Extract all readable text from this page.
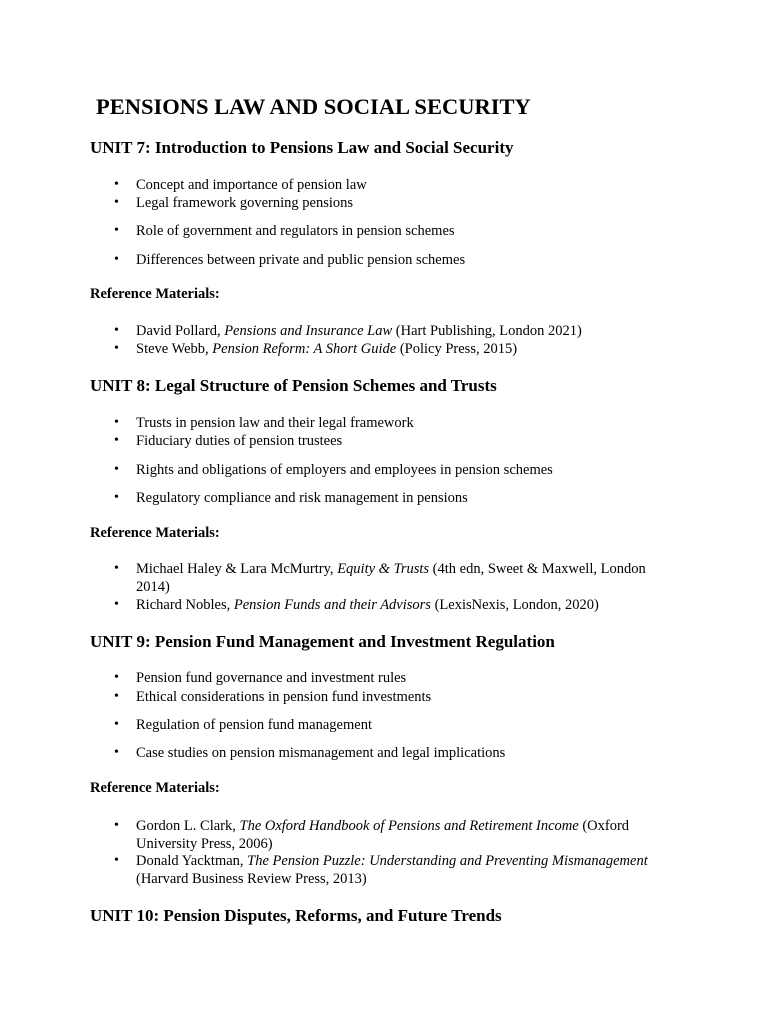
PENSIONS LAW AND SOCIAL SECURITY
UNIT 7: Introduction to Pensions Law and Social Security
• Concept and importance of pension law
• Legal framework governing pensions
• Role of government and regulators in pension schemes
• Differences between private and public pension schemes
Reference Materials:
• David Pollard, Pensions and Insurance Law (Hart Publishing, London 2021)
• Steve Webb, Pension Reform: A Short Guide (Policy Press, 2015)
UNIT 8: Legal Structure of Pension Schemes and Trusts
• Trusts in pension law and their legal framework
• Fiduciary duties of pension trustees
• Rights and obligations of employers and employees in pension schemes
• Regulatory compliance and risk management in pensions
Reference Materials:
• Michael Haley & Lara McMurtry, Equity & Trusts (4th edn, Sweet & Maxwell, London 2014)
• Richard Nobles, Pension Funds and their Advisors (LexisNexis, London, 2020)
UNIT 9: Pension Fund Management and Investment Regulation
• Pension fund governance and investment rules
• Ethical considerations in pension fund investments
• Regulation of pension fund management
• Case studies on pension mismanagement and legal implications
Reference Materials:
• Gordon L. Clark, The Oxford Handbook of Pensions and Retirement Income (Oxford University Press, 2006)
• Donald Yacktman, The Pension Puzzle: Understanding and Preventing Mismanagement (Harvard Business Review Press, 2013)
UNIT 10: Pension Disputes, Reforms, and Future Trends
